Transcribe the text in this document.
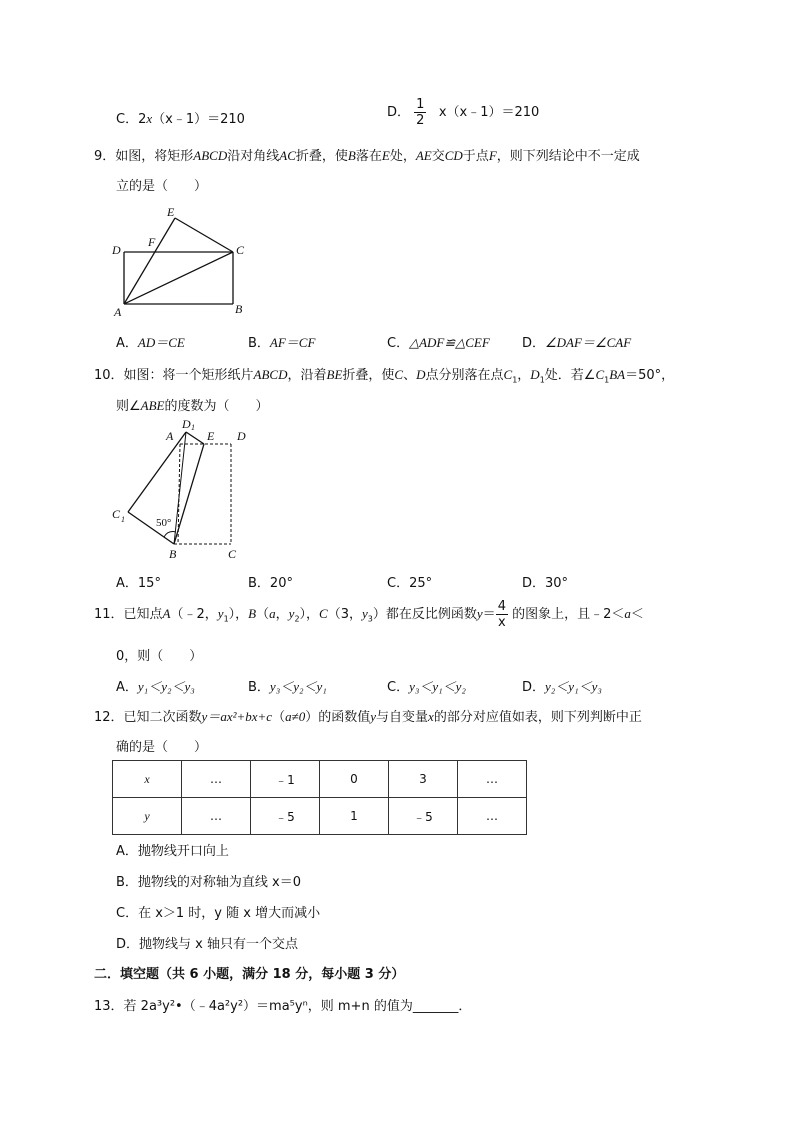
C．2x（x﹣1）＝210	D． $\frac{1}{2}$ x（x﹣1）＝210
9．如图，将矩形ABCD沿对角线AC折叠，使B落在E处，AE交CD于点F，则下列结论中不一定成
立的是（　　）
E
D
F
C
A	B
A．AD＝CE	B．AF＝CF	C．△ADF≌△CEF D．∠DAF＝∠CAF
10．如图：将一个矩形纸片ABCD，沿着BE折叠，使C、D点分别落在点$C_1$，$D_1$处．若$\angle C_1BA=50^\circ$，
则∠ABE的度数为（　　）
A
D 1
E D
C 1	50°
B	C
A．15°	B．20°	C．25°	D．30°
11．已知点A（﹣2，$y_1$），B（a，$y_2$），C（3，$y_3$）都在反比例函数$y= \frac{4}{x}$ 的图象上，且﹣2＜a＜
0，则（　　）
A．y₁＜y₂＜y₃	B．y₃＜y₂＜y₁	C．y₃＜y₁＜y₂	D．y₂＜y₁＜y₃
12．已知二次函数y＝ax²+bx+c（a≠0）的函数值y与自变量x的部分对应值如表，则下列判断中正
确的是（　　）
x	…	﹣1	0	3	…
y	…	﹣5	1	﹣5	…
A．抛物线开口向上
B．抛物线的对称轴为直线 x＝0
C．在 x＞1 时，y 随 x 增大而减小
D．抛物线与 x 轴只有一个交点
二．填空题（共 6 小题，满分 18 分，每小题 3 分）
13．若 2a³y²•（﹣4a²y²）＝ma⁵yⁿ，则 m+n 的值为_______．
